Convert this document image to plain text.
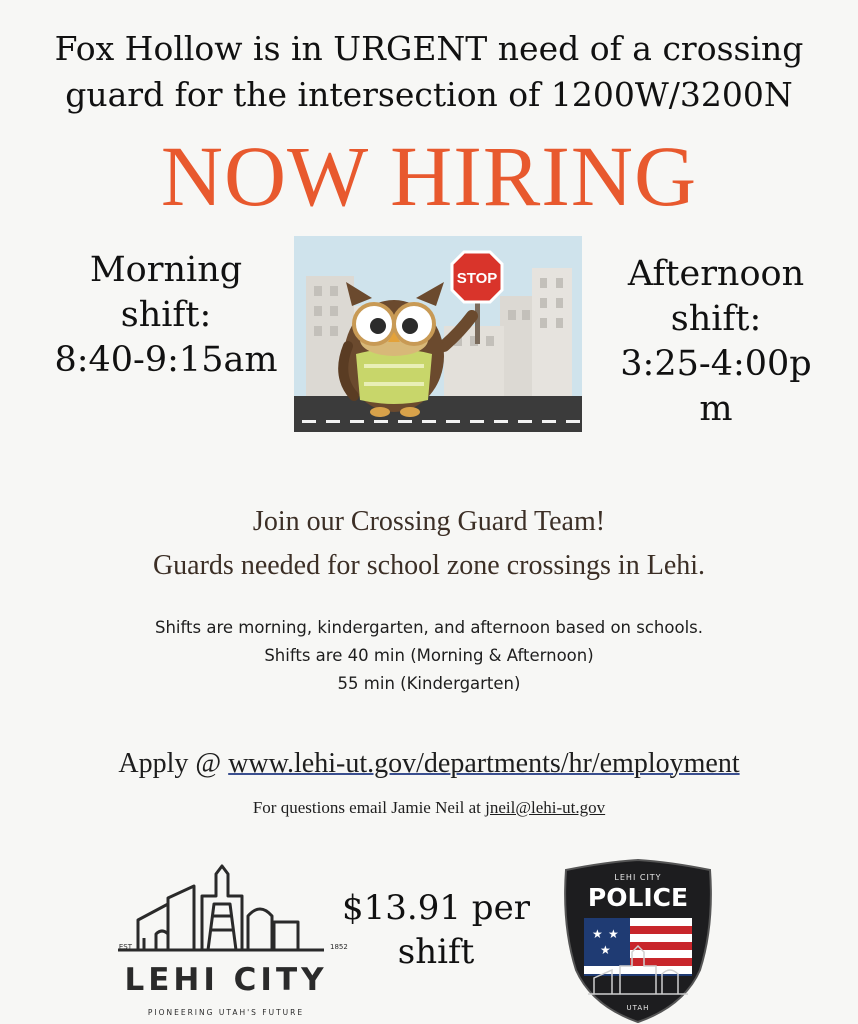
Fox Hollow is in URGENT need of a crossing
guard for the intersection of 1200W/3200N
NOW HIRING
Morning
shift:
8:40-9:15am
Afternoon
shift:
3:25-4:00p
m
STOP
Join our Crossing Guard Team!
Guards needed for school zone crossings in Lehi.
Shifts are morning, kindergarten, and afternoon based on schools.
Shifts are 40 min (Morning & Afternoon)
55 min (Kindergarten)
Apply @ www.lehi-ut.gov/departments/hr/employment
For questions email Jamie Neil at jneil@lehi-ut.gov
$13.91 per
shift
EST	1852
LEHI CITY
PIONEERING UTAH'S FUTURE
LEHI CITY
POLICE
★ ★
★
UTAH
